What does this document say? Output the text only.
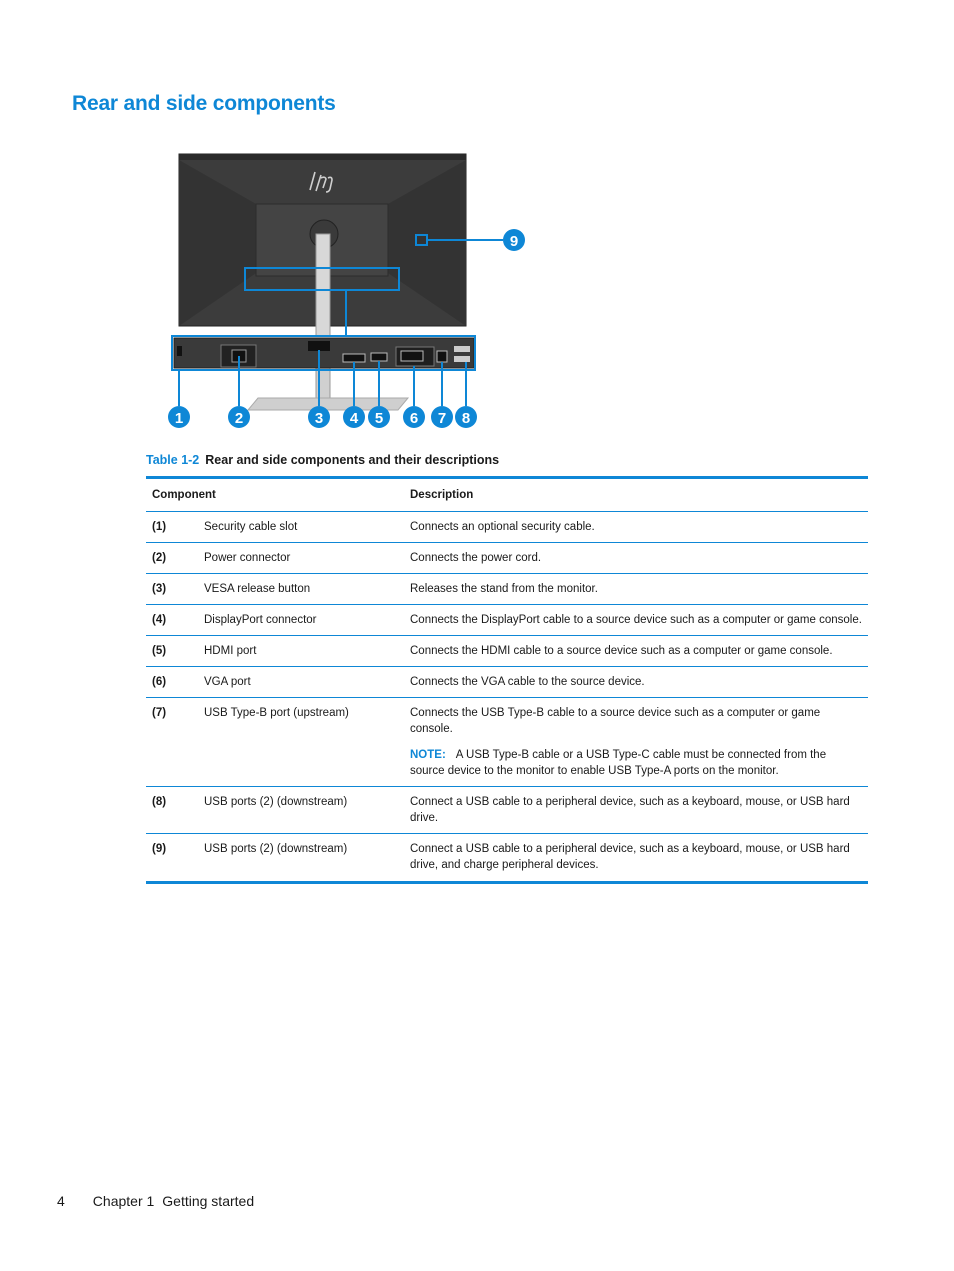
Rear and side components
1	2	3 4 5 6 7 8
9
Table 1-2 Rear and side components and their descriptions
Component		Description
(1)	Security cable slot	Connects an optional security cable.
(2)	Power connector	Connects the power cord.
(3)	VESA release button	Releases the stand from the monitor.
(4)	DisplayPort connector	Connects the DisplayPort cable to a source device such as a computer or game console.
(5)	HDMI port	Connects the HDMI cable to a source device such as a computer or game console.
(6)	VGA port	Connects the VGA cable to the source device.
(7)	USB Type-B port (upstream)	Connects the USB Type-B cable to a source device such as a computer or game console.
NOTE: A USB Type-B cable or a USB Type-C cable must be connected from the source device to the monitor to enable USB Type-A ports on the monitor.

(8)	USB ports (2) (downstream)	Connect a USB cable to a peripheral device, such as a keyboard, mouse, or USB hard drive.
(9)	USB ports (2) (downstream)	Connect a USB cable to a peripheral device, such as a keyboard, mouse, or USB hard drive, and charge peripheral devices.
4 Chapter 1 Getting started
